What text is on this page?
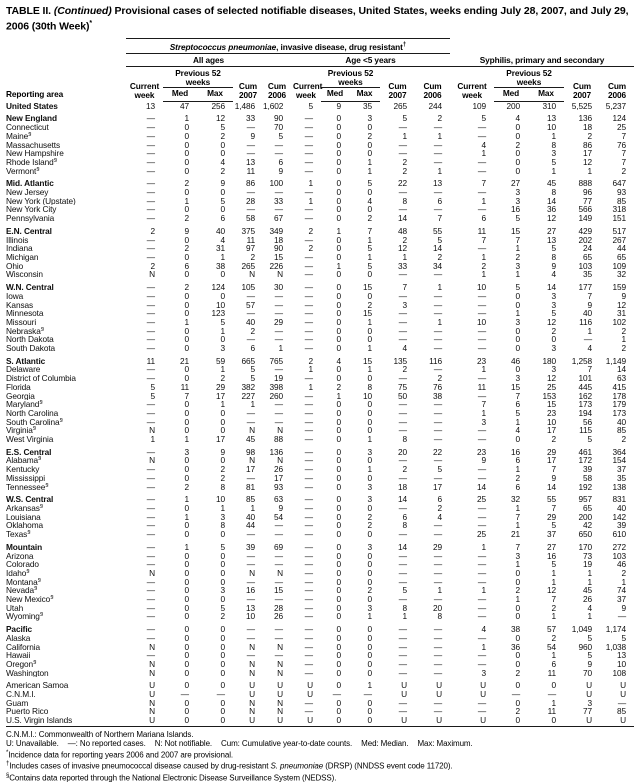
TABLE II. (Continued) Provisional cases of selected notifiable diseases, United States, weeks ending July 28, 2007, and July 29, 2006 (30th Week)*
	Streptococcus pneumoniae, invasive disease, drug resistant†	
	All ages					Age <5 years					Syphilis, primary and secondary				
Reporting area	Current week	Previous 52 weeks		Cum 2007	Cum 2006	Current week	Previous 52 weeks		Cum 2007	Cum 2006	Current week	Previous 52 weeks		Cum 2007	Cum 2006
		Med	Max				Med	Max				Med	Max		
United States	13	47	256	1,486	1,602	5	9	35	265	244	109	200	310	5,525	5,237
New England	—	1	12	33	90	—	0	3	5	2	5	4	13	136	124
Connecticut	—	0	5	—	70	—	0	0	—	—	—	0	10	18	25
Maine§	—	0	2	9	5	—	0	2	1	1	—	0	1	2	7
Massachusetts	—	0	0	—	—	—	0	0	—	—	4	2	8	86	76
New Hampshire	—	0	0	—	—	—	0	0	—	—	1	0	3	17	7
Rhode Island§	—	0	4	13	6	—	0	1	2	—	—	0	5	12	7
Vermont§	—	0	2	11	9	—	0	1	2	1	—	0	1	1	2
Mid. Atlantic	—	2	9	86	100	1	0	5	22	13	7	27	45	888	647
New Jersey	—	0	0	—	—	—	0	0	—	—	—	3	8	96	93
New York (Upstate)	—	1	5	28	33	1	0	4	8	6	1	3	14	77	85
New York City	—	0	0	—	—	—	0	0	—	—	—	16	36	566	318
Pennsylvania	—	2	6	58	67	—	0	2	14	7	6	5	12	149	151
E.N. Central	2	9	40	375	349	2	1	7	48	55	11	15	27	429	517
Illinois	—	0	4	11	18	—	0	1	2	5	7	7	13	202	267
Indiana	—	2	31	97	90	2	0	5	12	14	—	1	5	24	44
Michigan	—	0	1	2	15	—	0	1	1	2	1	2	8	65	65
Ohio	2	6	38	265	226	—	1	5	33	34	2	3	9	103	109
Wisconsin	N	0	0	N	N	—	0	0	—	—	1	1	4	35	32
W.N. Central	—	2	124	105	30	—	0	15	7	1	10	5	14	177	159
Iowa	—	0	0	—	—	—	0	0	—	—	—	0	3	7	9
Kansas	—	0	10	57	—	—	0	2	3	—	—	0	3	9	12
Minnesota	—	0	123	—	—	—	0	15	—	—	—	1	5	40	31
Missouri	—	1	5	40	29	—	0	1	—	1	10	3	12	116	102
Nebraska§	—	0	1	2	—	—	0	0	—	—	—	0	2	1	2
North Dakota	—	0	0	—	—	—	0	0	—	—	—	0	0	—	1
South Dakota	—	0	3	6	1	—	0	1	4	—	—	0	3	4	2
S. Atlantic	11	21	59	665	765	2	4	15	135	116	23	46	180	1,258	1,149
Delaware	—	0	1	5	—	1	0	1	2	—	1	0	3	7	14
District of Columbia	—	0	2	5	19	—	0	0	—	2	—	3	12	101	63
Florida	5	11	29	382	398	1	2	8	75	76	11	15	25	445	415
Georgia	5	7	17	227	260	—	1	10	50	38	—	7	153	162	178
Maryland§	—	0	1	1	—	—	0	0	—	—	7	6	15	173	179
North Carolina	—	0	0	—	—	—	0	0	—	—	1	5	23	194	173
South Carolina§	—	0	0	—	—	—	0	0	—	—	3	1	10	56	40
Virginia§	N	0	0	N	N	—	0	0	—	—	—	4	17	115	85
West Virginia	1	1	17	45	88	—	0	1	8	—	—	0	2	5	2
E.S. Central	—	3	9	98	136	—	0	3	20	22	23	16	29	461	364
Alabama§	N	0	0	N	N	—	0	0	—	—	9	6	17	172	154
Kentucky	—	0	2	17	26	—	0	1	2	5	—	1	7	39	37
Mississippi	—	0	2	—	17	—	0	0	—	—	—	2	9	58	35
Tennessee§	—	2	8	81	93	—	0	3	18	17	14	6	14	192	138
W.S. Central	—	1	10	85	63	—	0	3	14	6	25	32	55	957	831
Arkansas§	—	0	1	1	9	—	0	0	—	2	—	1	7	65	40
Louisiana	—	1	3	40	54	—	0	2	6	4	—	7	29	200	142
Oklahoma	—	0	8	44	—	—	0	2	8	—	—	1	5	42	39
Texas§	—	0	0	—	—	—	0	0	—	—	25	21	37	650	610
Mountain	—	1	5	39	69	—	0	3	14	29	1	7	27	170	272
Arizona	—	0	0	—	—	—	0	0	—	—	—	3	16	73	103
Colorado	—	0	0	—	—	—	0	0	—	—	—	1	5	19	46
Idaho§	N	0	0	N	N	—	0	0	—	—	—	0	1	1	2
Montana§	—	0	0	—	—	—	0	0	—	—	—	0	1	1	1
Nevada§	—	0	3	16	15	—	0	2	5	1	1	2	12	45	74
New Mexico§	—	0	0	—	—	—	0	0	—	—	—	1	7	26	37
Utah	—	0	5	13	28	—	0	3	8	20	—	0	2	4	9
Wyoming§	—	0	2	10	26	—	0	1	1	8	—	0	1	1	—
Pacific	—	0	0	—	—	—	0	0	—	—	4	38	57	1,049	1,174
Alaska	—	0	0	—	—	—	0	0	—	—	—	0	2	5	5
California	N	0	0	N	N	—	0	0	—	—	1	36	54	960	1,038
Hawaii	—	0	0	—	—	—	0	0	—	—	—	0	1	5	13
Oregon§	N	0	0	N	N	—	0	0	—	—	—	0	6	9	10
Washington	N	0	0	N	N	—	0	0	—	—	3	2	11	70	108
American Samoa	U	0	0	U	U	U	0	1	U	U	U	0	0	U	U
C.N.M.I.	U	—	—	U	U	U	—	—	U	U	U	—	—	U	U
Guam	N	0	0	N	N	—	0	0	—	—	—	0	1	3	—
Puerto Rico	N	0	0	N	N	—	0	0	—	—	—	2	11	77	85
U.S. Virgin Islands	U	0	0	U	U	U	0	0	U	U	U	0	0	U	U
C.N.M.I.: Commonwealth of Northern Mariana Islands.
U: Unavailable. —: No reported cases. N: Not notifiable. Cum: Cumulative year-to-date counts. Med: Median. Max: Maximum.
*Incidence data for reporting years 2006 and 2007 are provisional.
†Includes cases of invasive pneumococcal disease caused by drug-resistant S. pneumoniae (DRSP) (NNDSS event code 11720).
§Contains data reported through the National Electronic Disease Surveillance System (NEDSS).
